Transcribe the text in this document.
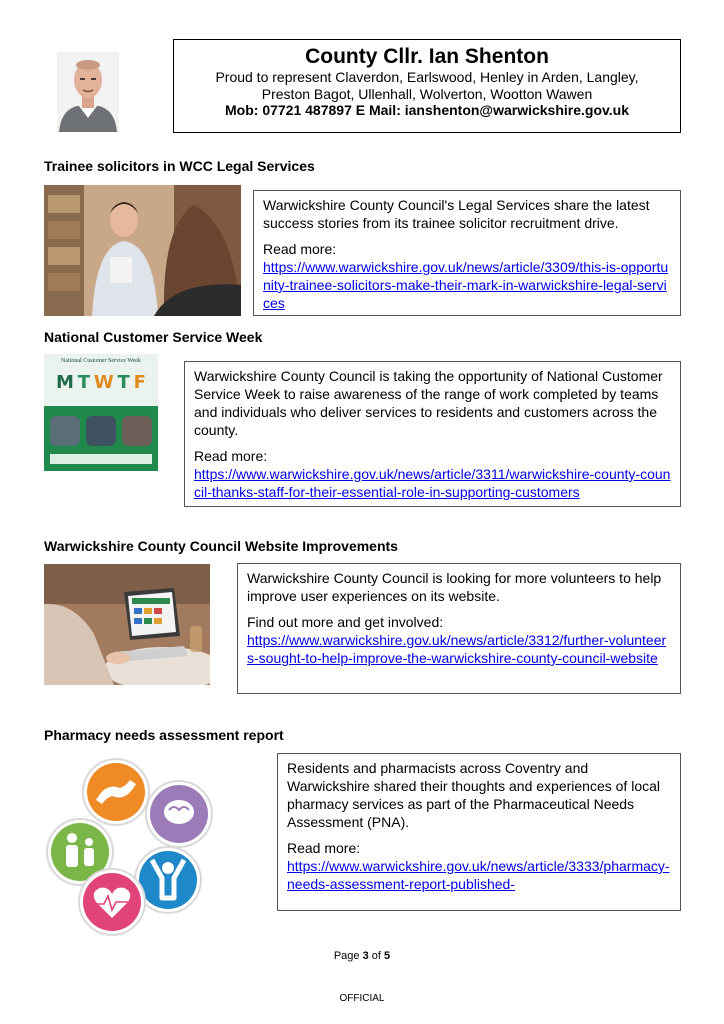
County Cllr. Ian Shenton
Proud to represent Claverdon, Earlswood, Henley in Arden, Langley,
Preston Bagot, Ullenhall, Wolverton, Wootton Wawen
Mob: 07721 487897 E Mail: ianshenton@warwickshire.gov.uk
Trainee solicitors in WCC Legal Services

Warwickshire County Council's Legal Services share the latest success stories from its trainee solicitor recruitment drive.

Read more:

https://www.warwickshire.gov.uk/news/article/3309/this-is-opportunity-trainee-solicitors-make-their-mark-in-warwickshire-legal-services

National Customer Service Week
National Customer Service Week
M T W T F	Warwickshire County Council is taking the opportunity of National Customer Service Week to raise awareness of the range of work completed by teams and individuals who deliver services to residents and customers across the county.

Read more:

https://www.warwickshire.gov.uk/news/article/3311/warwickshire-county-council-thanks-staff-for-their-essential-role-in-supporting-customers

Warwickshire County Council Website Improvements

Warwickshire County Council is looking for more volunteers to help improve user experiences on its website.

Find out more and get involved:

https://www.warwickshire.gov.uk/news/article/3312/further-volunteers-sought-to-help-improve-the-warwickshire-county-council-website

Pharmacy needs assessment report

Residents and pharmacists across Coventry and Warwickshire shared their thoughts and experiences of local pharmacy services as part of the Pharmaceutical Needs Assessment (PNA).

Read more:

https://www.warwickshire.gov.uk/news/article/3333/pharmacy-needs-assessment-report-published-

Page 3 of 5
OFFICIAL
